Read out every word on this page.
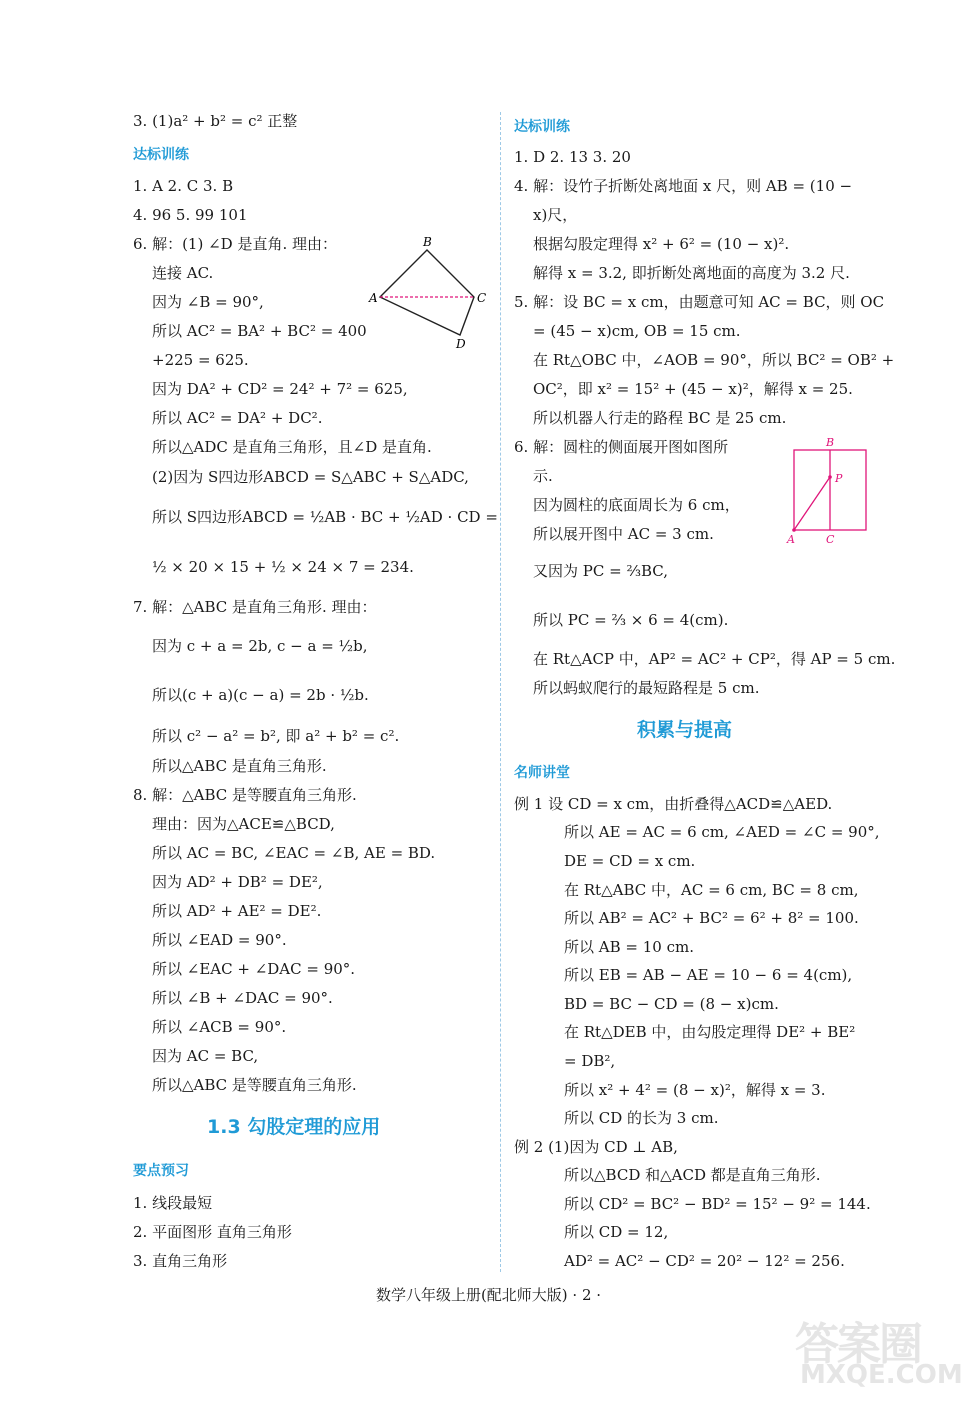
3. (1)a² + b² = c² 正整
达标训练
1. A 2. C 3. B
4. 96 5. 99 101
6. 解：(1) ∠D 是直角. 理由：
连接 AC.
因为 ∠B = 90°,
所以 AC² = BA² + BC² = 400
+225 = 625.
因为 DA² + CD² = 24² + 7² = 625,
所以 AC² = DA² + DC².
所以△ADC 是直角三角形，且∠D 是直角.
(2)因为 S四边形ABCD = S△ABC + S△ADC,
所以 S四边形ABCD = ½AB · BC + ½AD · CD =
½ × 20 × 15 + ½ × 24 × 7 = 234.
7. 解：△ABC 是直角三角形. 理由：
因为 c + a = 2b, c − a = ½b,
所以(c + a)(c − a) = 2b · ½b.
所以 c² − a² = b², 即 a² + b² = c².
所以△ABC 是直角三角形.
8. 解：△ABC 是等腰直角三角形.
理由：因为△ACE≌△BCD,
所以 AC = BC, ∠EAC = ∠B, AE = BD.
因为 AD² + DB² = DE²,
所以 AD² + AE² = DE².
所以 ∠EAD = 90°.
所以 ∠EAC + ∠DAC = 90°.
所以 ∠B + ∠DAC = 90°.
所以 ∠ACB = 90°.
因为 AC = BC,
所以△ABC 是等腰直角三角形.
1.3 勾股定理的应用
要点预习
1. 线段最短
2. 平面图形 直角三角形
3. 直角三角形
A
B
C
D
达标训练
1. D 2. 13 3. 20
4. 解：设竹子折断处离地面 x 尺，则 AB = (10 −
x)尺，
根据勾股定理得 x² + 6² = (10 − x)².
解得 x = 3.2, 即折断处离地面的高度为 3.2 尺.
5. 解：设 BC = x cm，由题意可知 AC = BC，则 OC
= (45 − x)cm, OB = 15 cm.
在 Rt△OBC 中，∠AOB = 90°，所以 BC² = OB² +
OC²，即 x² = 15² + (45 − x)²，解得 x = 25.
所以机器人行走的路程 BC 是 25 cm.
6. 解：圆柱的侧面展开图如图所
示.
因为圆柱的底面周长为 6 cm，
所以展开图中 AC = 3 cm.
又因为 PC = ⅔BC,
所以 PC = ⅔ × 6 = 4(cm).
在 Rt△ACP 中，AP² = AC² + CP²，得 AP = 5 cm.
所以蚂蚁爬行的最短路程是 5 cm.
积累与提高
名师讲堂
例 1 设 CD = x cm，由折叠得△ACD≌△AED.
所以 AE = AC = 6 cm, ∠AED = ∠C = 90°,
DE = CD = x cm.
在 Rt△ABC 中，AC = 6 cm, BC = 8 cm,
所以 AB² = AC² + BC² = 6² + 8² = 100.
所以 AB = 10 cm.
所以 EB = AB − AE = 10 − 6 = 4(cm),
BD = BC − CD = (8 − x)cm.
在 Rt△DEB 中，由勾股定理得 DE² + BE²
= DB²,
所以 x² + 4² = (8 − x)²，解得 x = 3.
所以 CD 的长为 3 cm.
例 2 (1)因为 CD ⊥ AB,
所以△BCD 和△ACD 都是直角三角形.
所以 CD² = BC² − BD² = 15² − 9² = 144.
所以 CD = 12,
AD² = AC² − CD² = 20² − 12² = 256.
B
P
A	C
数学八年级上册(配北师大版) · 2 ·
答案圈
MXQE.COM
